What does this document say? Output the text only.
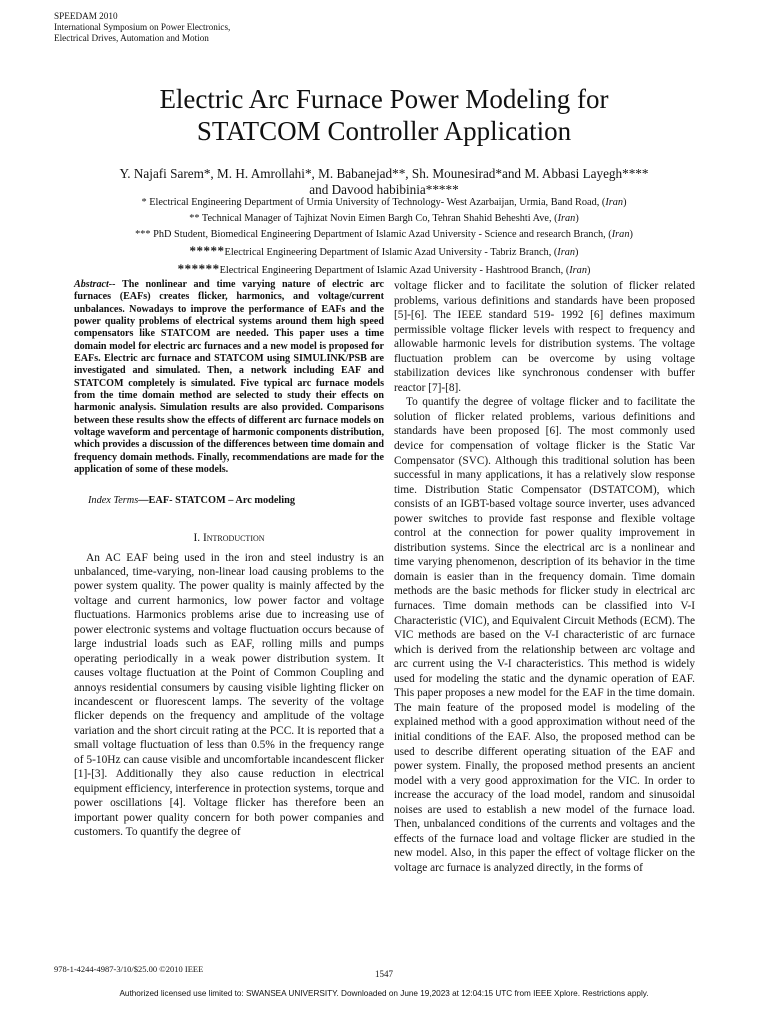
SPEEDAM 2010
International Symposium on Power Electronics,
Electrical Drives, Automation and Motion
Electric Arc Furnace Power Modeling for
STATCOM Controller Application
Y. Najafi Sarem*, M. H. Amrollahi*, M. Babanejad**, Sh. Mounesirad*and M. Abbasi Layegh****
and Davood habibinia*****
* Electrical Engineering Department of Urmia University of Technology- West Azarbaijan, Urmia, Band Road, (Iran)
** Technical Manager of Tajhizat Novin Eimen Bargh Co, Tehran Shahid Beheshti Ave, (Iran)
*** PhD Student, Biomedical Engineering Department of Islamic Azad University - Science and research Branch, (Iran)
*****Electrical Engineering Department of Islamic Azad University - Tabriz Branch, (Iran)
******Electrical Engineering Department of Islamic Azad University - Hashtrood Branch, (Iran)

Abstract-- The nonlinear and time varying nature of electric arc furnaces (EAFs) creates flicker, harmonics, and voltage/current unbalances. Nowadays to improve the performance of EAFs and the power quality problems of electrical systems around them high speed compensators like STATCOM are needed. This paper uses a time domain model for electric arc furnaces and a new model is proposed for EAFs. Electric arc furnace and STATCOM using SIMULINK/PSB are investigated and simulated. Then, a network including EAF and STATCOM completely is simulated. Five typical arc furnace models from the time domain method are selected to study their effects on harmonic analysis. Simulation results are also provided. Comparisons between these results show the effects of different arc furnace models on voltage waveform and percentage of harmonic components distribution, which provides a discussion of the differences between time domain and frequency domain methods. Finally, recommendations are made for the application of some of these models.

Index Terms—EAF- STATCOM – Arc modeling

I. Introduction

An AC EAF being used in the iron and steel industry is an unbalanced, time-varying, non-linear load causing problems to the power system quality. The power quality is mainly affected by the voltage and current harmonics, low power factor and voltage fluctuations. Harmonics problems arise due to increasing use of power electronic systems and voltage fluctuation occurs because of large industrial loads such as EAF, rolling mills and pumps operating periodically in a weak power distribution system. It causes voltage fluctuation at the Point of Common Coupling and annoys residential consumers by causing visible lighting flicker on incandescent or fluorescent lamps. The severity of the voltage flicker depends on the frequency and amplitude of the voltage variation and the short circuit rating at the PCC. It is reported that a small voltage fluctuation of less than 0.5% in the frequency range of 5-10Hz can cause visible and uncomfortable incandescent flicker [1]-[3]. Additionally they also cause reduction in electrical equipment efficiency, interference in protection systems, torque and power oscillations [4]. Voltage flicker has therefore been an important power quality concern for both power companies and customers. To quantify the degree of

voltage flicker and to facilitate the solution of flicker related problems, various definitions and standards have been proposed [5]-[6]. The IEEE standard 519- 1992 [6] defines maximum permissible voltage flicker levels with respect to frequency and allowable harmonic levels for distribution systems. The voltage fluctuation problem can be overcome by using voltage stabilization devices like synchronous condenser with buffer reactor [7]-[8].

To quantify the degree of voltage flicker and to facilitate the solution of flicker related problems, various definitions and standards have been proposed [6]. The most commonly used device for compensation of voltage flicker is the Static Var Compensator (SVC). Although this traditional solution has been successful in many applications, it has a relatively slow response time. Distribution Static Compensator (DSTATCOM), which consists of an IGBT-based voltage source inverter, uses advanced power switches to provide fast response and flexible voltage control at the connection for power quality improvement in distribution systems. Since the electrical arc is a nonlinear and time varying phenomenon, description of its behavior in the time domain is easier than in the frequency domain. Time domain methods are the basic methods for flicker study in electrical arc furnaces. Time domain methods can be classified into V-I Characteristic (VIC), and Equivalent Circuit Methods (ECM). The VIC methods are based on the V-I characteristic of arc furnace which is derived from the relationship between arc voltage and arc current using the V-I characteristics. This method is widely used for modeling the static and the dynamic operation of EAF. This paper proposes a new model for the EAF in the time domain. The main feature of the proposed model is modeling of the explained method with a good approximation without need of the initial conditions of the EAF. Also, the proposed method can be used to describe different operating situation of the EAF and power system. Finally, the proposed method presents an ancient model with a very good approximation for the VIC. In order to increase the accuracy of the load model, random and sinusoidal noises are used to establish a new model of the furnace load. Then, unbalanced conditions of the currents and voltages and the effects of the furnace load and voltage flicker are studied in the new model. Also, in this paper the effect of voltage flicker on the voltage arc furnace is analyzed directly, in the forms of

978-1-4244-4987-3/10/$25.00 ©2010 IEEE	1547
Authorized licensed use limited to: SWANSEA UNIVERSITY. Downloaded on June 19,2023 at 12:04:15 UTC from IEEE Xplore. Restrictions apply.
